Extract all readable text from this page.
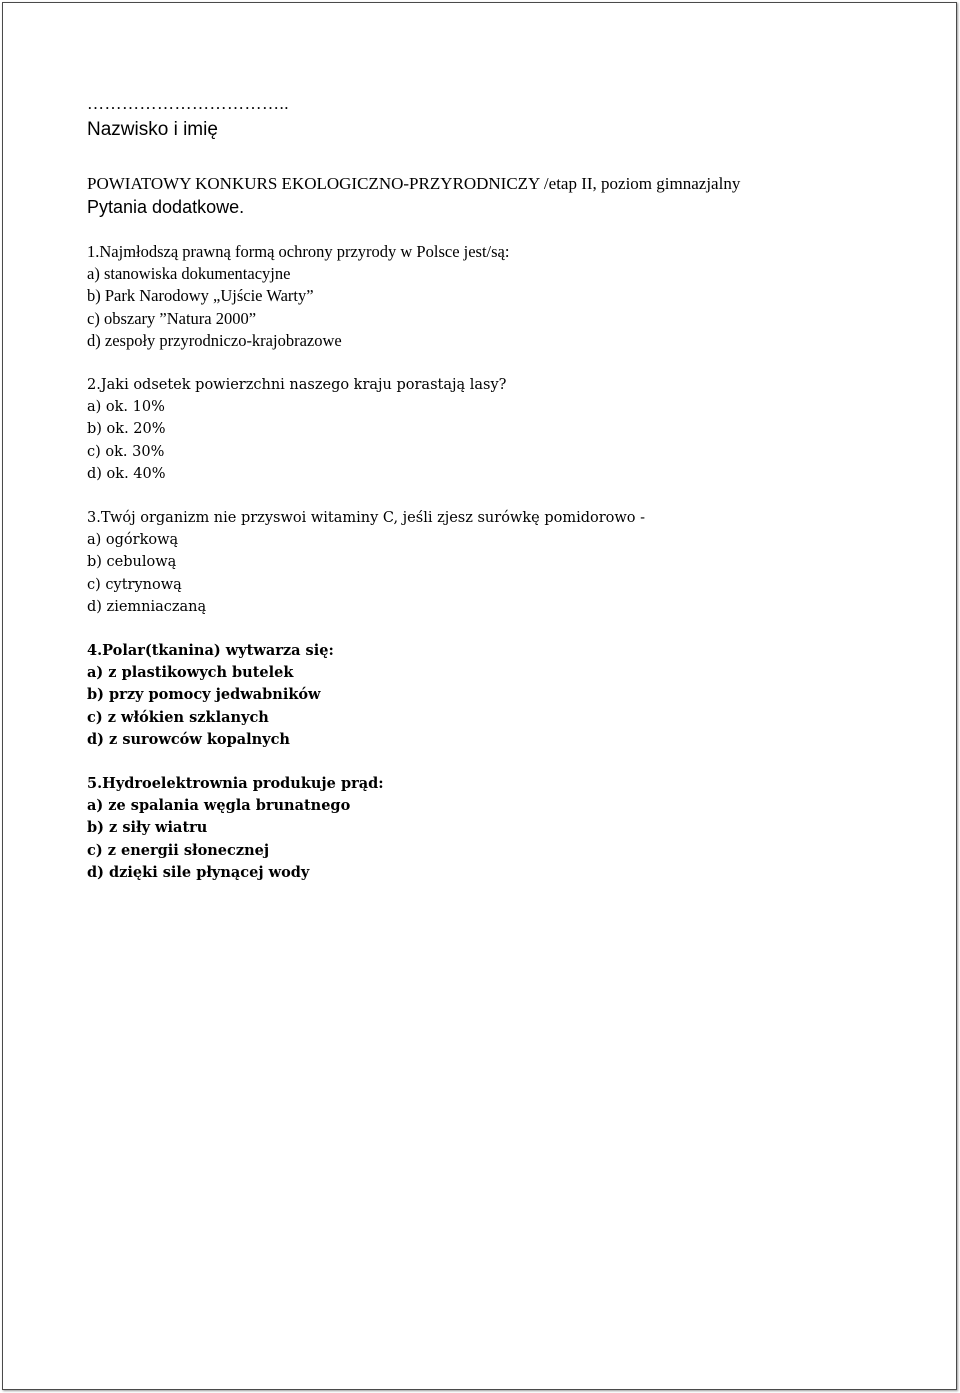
……………………………..
Nazwisko i imię
POWIATOWY KONKURS EKOLOGICZNO-PRZYRODNICZY /etap II, poziom gimnazjalny
Pytania dodatkowe.
1.Najmłodszą prawną formą ochrony przyrody w Polsce jest/są:
a) stanowiska dokumentacyjne
b) Park Narodowy „Ujście Warty”
c) obszary ”Natura 2000”
d) zespoły przyrodniczo-krajobrazowe
2.Jaki odsetek powierzchni naszego kraju porastają lasy?
a) ok. 10%
b) ok. 20%
c) ok. 30%
d) ok. 40%
3.Twój organizm nie przyswoi witaminy C, jeśli zjesz surówkę pomidorowo -
a) ogórkową
b) cebulową
c) cytrynową
d) ziemniaczaną
4.Polar(tkanina) wytwarza się:
a) z plastikowych butelek
b) przy pomocy jedwabników
c) z włókien szklanych
d) z surowców kopalnych
5.Hydroelektrownia produkuje prąd:
a) ze spalania węgla brunatnego
b) z siły wiatru
c) z energii słonecznej
d) dzięki sile płynącej wody
